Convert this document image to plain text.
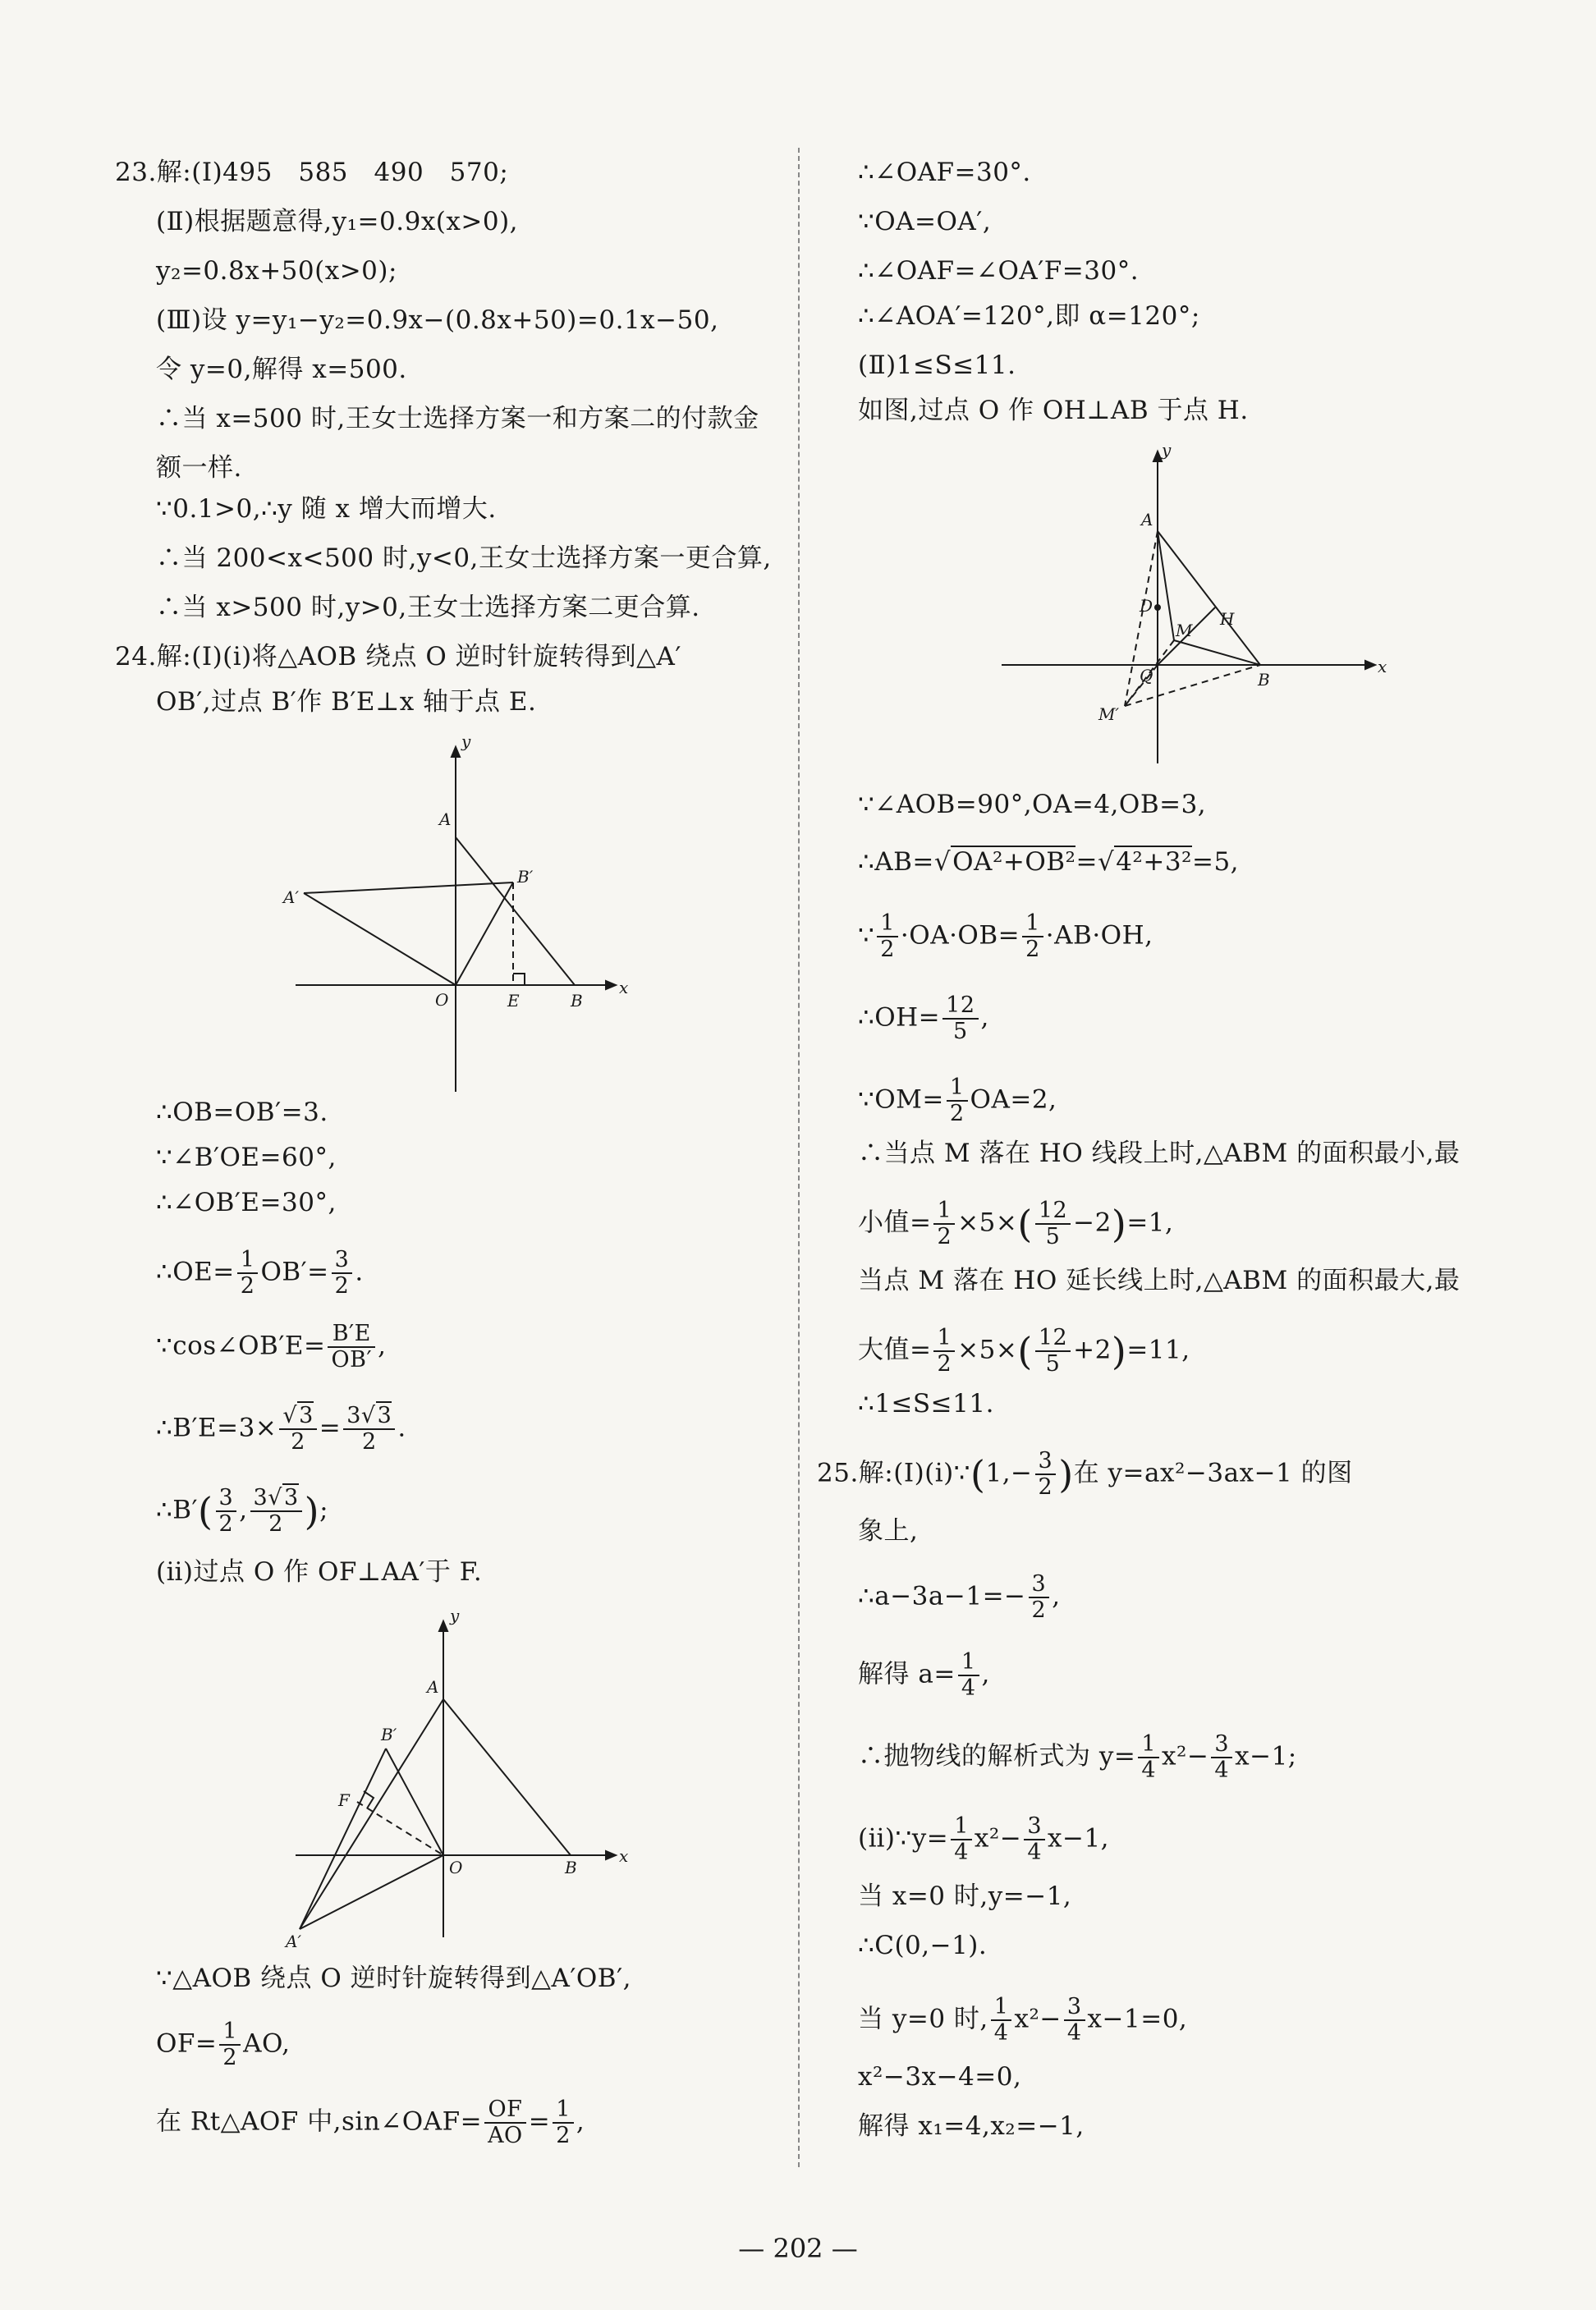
23.解:(Ⅰ)495　585　490　570;
(Ⅱ)根据题意得,y₁=0.9x(x>0),
y₂=0.8x+50(x>0);
(Ⅲ)设 y=y₁−y₂=0.9x−(0.8x+50)=0.1x−50,
令 y=0,解得 x=500.
∴当 x=500 时,王女士选择方案一和方案二的付款金
额一样.
∵0.1>0,∴y 随 x 增大而增大.
∴当 200<x<500 时,y<0,王女士选择方案一更合算,
∴当 x>500 时,y>0,王女士选择方案二更合算.
24.解:(Ⅰ)(ⅰ)将△AOB 绕点 O 逆时针旋转得到△A′
OB′,过点 B′作 B′E⊥x 轴于点 E.
y
A
A′
B′
O	E	B
x
∴OB=OB′=3.
∵∠B′OE=60°,
∴∠OB′E=30°,
∴OE= $\frac{1}{2} OB'= \frac{3}{2}$ .
∵cos∠OB′E= $\frac{B'E}{OB'}$ ,
∴B′E=3× $\frac{√3}{2} = \frac{3√3}{2}$ .
∴B′( $\frac{3}{2}$ , $\frac{3√3}{2}$ );
(ⅱ)过点 O 作 OF⊥AA′于 F.
y
A
B′
F
O	B
x
A′
∵△AOB 绕点 O 逆时针旋转得到△A′OB′,
$OF= \frac{1}{2}$ AO,
在 Rt△AOF 中,sin∠OAF= $\frac{OF}{AO} = \frac{1}{2}$ ,
∴∠OAF=30°.
∵OA=OA′,
∴∠OAF=∠OA′F=30°.
∴∠AOA′=120°,即 α=120°;
(Ⅱ)1≤S≤11.
如图,过点 O 作 OH⊥AB 于点 H.
y
A
D
M
H
Q	B
M′
x
∵∠AOB=90°,OA=4,OB=3,
∴AB=√OA²+OB²=√4²+3²=5,
∵ $\frac{1}{2} \cdot OA\cdot OB= \frac{1}{2} \cdot AB\cdot OH$,
∴OH= $\frac{12}{5}$ ,
∵OM= $\frac{1}{2} OA=2$,
∴当点 M 落在 HO 线段上时,△ABM 的面积最小,最
小值= $\frac{1}{2} \times 5\times( \frac{12}{5} -2)=1$,
当点 M 落在 HO 延长线上时,△ABM 的面积最大,最
大值= $\frac{1}{2} \times 5\times( \frac{12}{5} +2)=11$,
∴1≤S≤11.
25.解:(Ⅰ)(ⅰ)∵(1,− $\frac{3}{2}$ )在 y=ax²−3ax−1 的图
象上,
∴a−3a−1=− $\frac{3}{2}$ ,
解得 $a= \frac{1}{4}$ ,
∴抛物线的解析式为 $y= \frac{1}{4} x^2- \frac{3}{4} x-1$;
(ⅱ)∵y= $\frac{1}{4} x^2- \frac{3}{4} x-1$,
当 x=0 时,y=−1,
∴C(0,−1).
当 y=0 时, $\frac{1}{4} x^2- \frac{3}{4} x-1=0$,
x²−3x−4=0,
解得 x₁=4,x₂=−1,
— 202 —
